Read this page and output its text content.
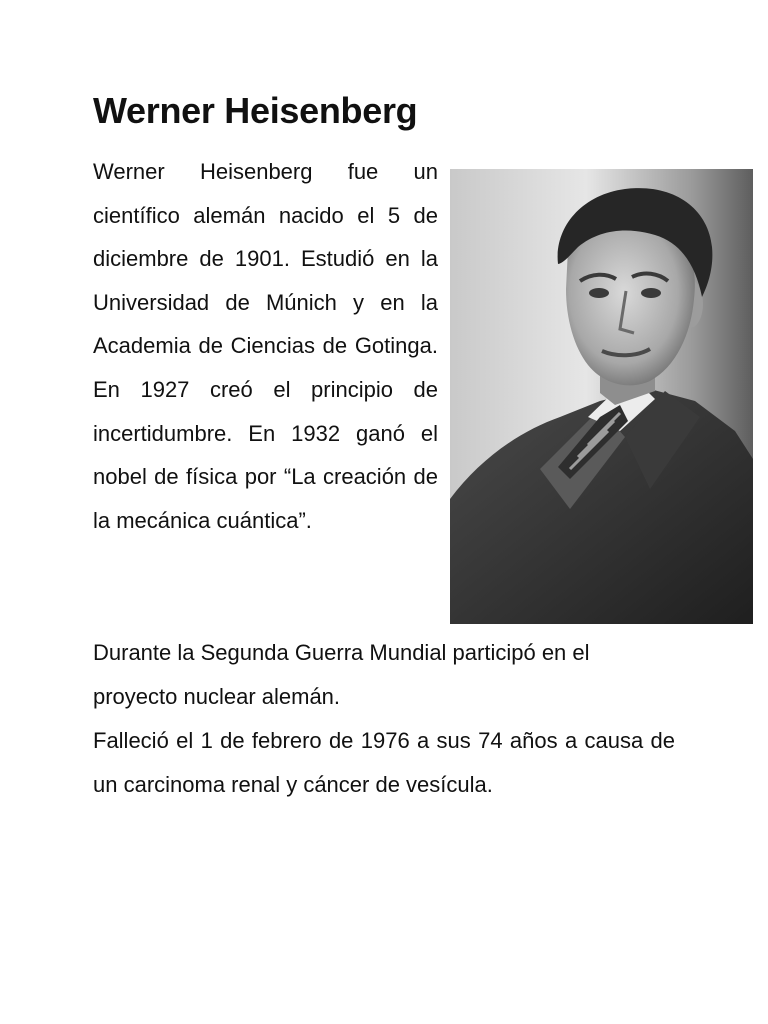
Werner Heisenberg

Werner Heisenberg fue un científico alemán nacido el 5 de diciembre de 1901. Estudió en la Universidad de Múnich y en la Academia de Ciencias de Gotinga. En 1927 creó el principio de incertidumbre. En 1932 ganó el nobel de física por “La creación de la mecánica cuántica”.

Durante la Segunda Guerra Mundial participó en el proyecto nuclear alemán.

Falleció el 1 de febrero de 1976 a sus 74 años a causa de un carcinoma renal y cáncer de vesícula.
